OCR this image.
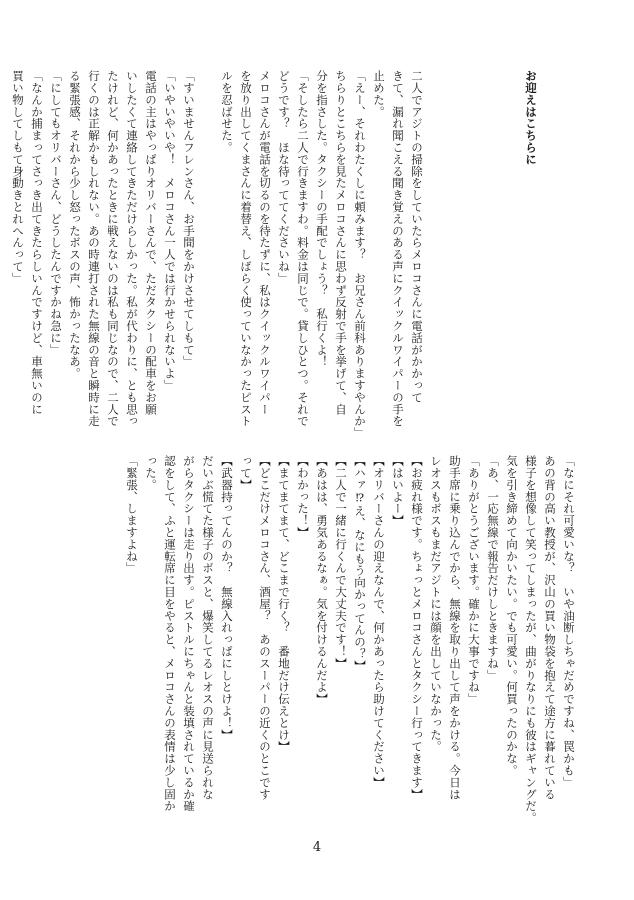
お迎えはこちらに

二人でアジトの掃除をしていたらメロコさんに電話がかかって
きて、漏れ聞こえる聞き覚えのある声にクイックルワイパーの手を
止めた。
「えー、それわたくしに頼みます？　お兄さん前科ありますやんか」
ちらりとこちらを見たメロコさんに思わず反射で手を挙げて、自
分を指さした。タクシーの手配でしょう？　私行くよ！
「そしたら二人で行きますわ。料金は同じで。貸しひとつ。それで
どうです？　ほな待っててくださいね」
メロコさんが電話を切るのを待たずに、私はクイックルワイパー
を放り出してくまさんに着替え、しばらく使っていなかったピスト
ルを忍ばせた。

「すいませんフレンさん、お手間をかけさせてしもて」
「いやいやいや！　メロコさん一人では行かせられないよ」
電話の主はやっぱりオリバーさんで、ただタクシーの配車をお願
いしたくて連絡してきただけらしかった。私が代わりに、とも思っ
たけれど、何かあったときに戦えないのは私も同じなので、二人で
行くのは正解かもしれない。あの時連打された無線の音と瞬時に走
る緊張感、それから少し怒ったボスの声、怖かったなあ。
「にしてもオリバーさん、どうしたんですかね急に」
「なんか捕まってさっき出てきたらしいんですけど、車無いのに
買い物してしもて身動きとれへんって」
「なにそれ可愛いな？　いや油断しちゃだめですね、罠かも」
あの背の高い教授が、沢山の買い物袋を抱えて途方に暮れている
様子を想像して笑ってしまったが、曲がりなりにも彼はギャングだ。
気を引き締めて向かいたい。でも可愛い。何買ったのかな。
「あ、一応無線で報告だけしときますね」
「ありがとうございます。確かに大事ですね」
助手席に乗り込んでから、無線を取り出して声をかける。今日は
レオスもボスもまだアジトには顔を出していなかった。
【お疲れ様です。ちょっとメロコさんとタクシー行ってきます】
【はいよー】
【オリバーさんの迎えなんで、何かあったら助けてください】
【ハァ⁉え、なにもう向かってんの？】
【二人で一緒に行くんで大丈夫です！】
【あはは、勇気あるなぁ。気を付けるんだよ】
【わかった！】
【まてまてまて、どこまで行く？　番地だけ伝えとけ】
【どこだけメロコさん、酒屋？　あのスーパーの近くのとこです
って】
【武器持ってんのか？　無線入れっぱにしとけよ！】
だいぶ慌てた様子のボスと、爆笑してるレオスの声に見送られな
がらタクシーは走り出す。ピストルにちゃんと装填されているか確
認をして、ふと運転席に目をやると、メロコさんの表情は少し固か
った。
「緊張、しますよね」
4
